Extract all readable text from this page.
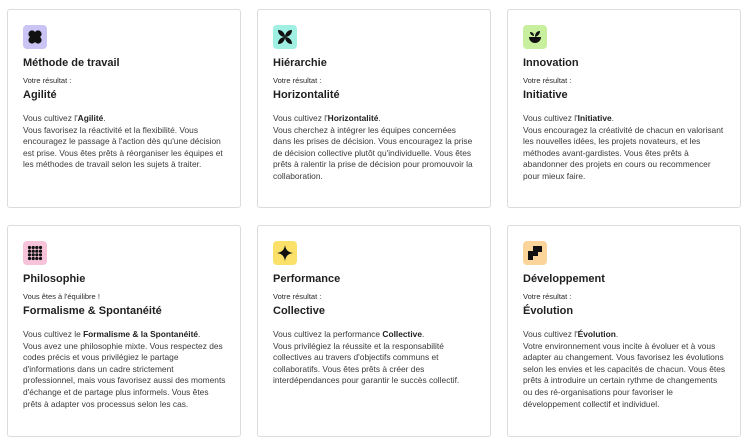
Méthode de travail
Votre résultat :
Agilité

Vous cultivez l'Agilité.
Vous favorisez la réactivité et la flexibilité. Vous encouragez le passage à l'action dès qu'une décision est prise. Vous êtes prêts à réorganiser les équipes et les méthodes de travail selon les sujets à traiter.

Hiérarchie
Votre résultat :
Horizontalité

Vous cultivez l'Horizontalité.
Vous cherchez à intégrer les équipes concernées dans les prises de décision. Vous encouragez la prise de décision collective plutôt qu'individuelle. Vous êtes prêts à ralentir la prise de décision pour promouvoir la collaboration.

Innovation
Votre résultat :
Initiative

Vous cultivez l'Initiative.
Vous encouragez la créativité de chacun en valorisant les nouvelles idées, les projets novateurs, et les méthodes avant-gardistes. Vous êtes prêts à abandonner des projets en cours ou recommencer pour mieux faire.

Philosophie
Vous êtes à l'équilibre !
Formalisme & Spontanéité

Vous cultivez le Formalisme & la Spontanéité.
Vous avez une philosophie mixte. Vous respectez des codes précis et vous privilégiez le partage d'informations dans un cadre strictement professionnel, mais vous favorisez aussi des moments d'échange et de partage plus informels. Vous êtes prêts à adapter vos processus selon les cas.

Performance
Votre résultat :
Collective

Vous cultivez la performance Collective.
Vous privilégiez la réussite et la responsabilité collectives au travers d'objectifs communs et collaboratifs. Vous êtes prêts à créer des interdépendances pour garantir le succès collectif.

Développement
Votre résultat :
Évolution

Vous cultivez l'Évolution.
Votre environnement vous incite à évoluer et à vous adapter au changement. Vous favorisez les évolutions selon les envies et les capacités de chacun. Vous êtes prêts à introduire un certain rythme de changements ou des ré-organisations pour favoriser le développement collectif et individuel.
